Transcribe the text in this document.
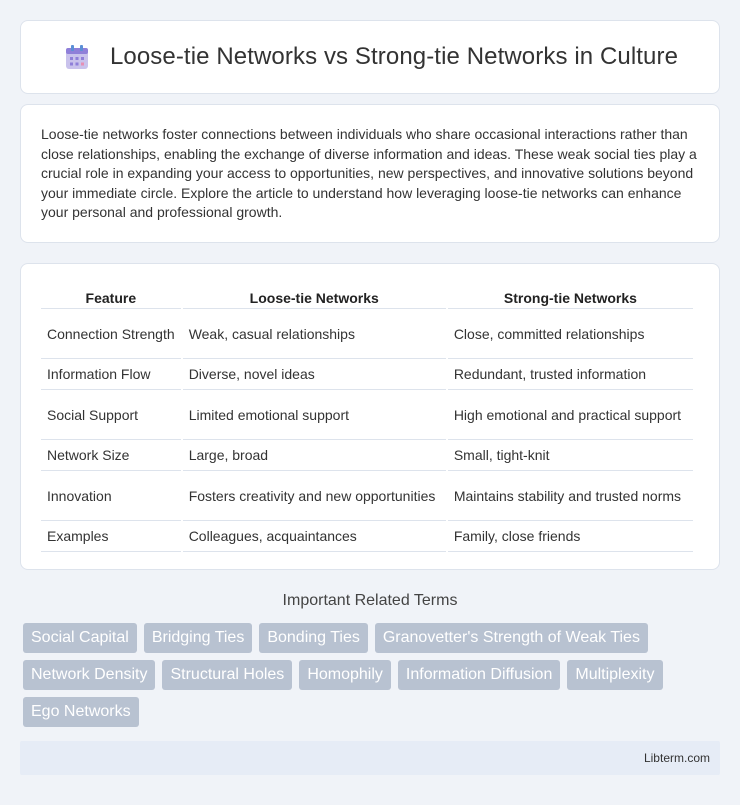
Loose-tie Networks vs Strong-tie Networks in Culture

Loose-tie networks foster connections between individuals who share occasional interactions rather than close relationships, enabling the exchange of diverse information and ideas. These weak social ties play a crucial role in expanding your access to opportunities, new perspectives, and innovative solutions beyond your immediate circle. Explore the article to understand how leveraging loose-tie networks can enhance your personal and professional growth.

Feature	Loose-tie Networks	Strong-tie Networks
Connection Strength	Weak, casual relationships	Close, committed relationships
Information Flow	Diverse, novel ideas	Redundant, trusted information
Social Support	Limited emotional support	High emotional and practical support
Network Size	Large, broad	Small, tight-knit
Innovation	Fosters creativity and new opportunities	Maintains stability and trusted norms
Examples	Colleagues, acquaintances	Family, close friends
Important Related Terms
Social Capital	Bridging Ties	Bonding Ties	Granovetter's Strength of Weak Ties
Network Density	Structural Holes	Homophily	Information Diffusion	Multiplexity
Ego Networks
Libterm.com
